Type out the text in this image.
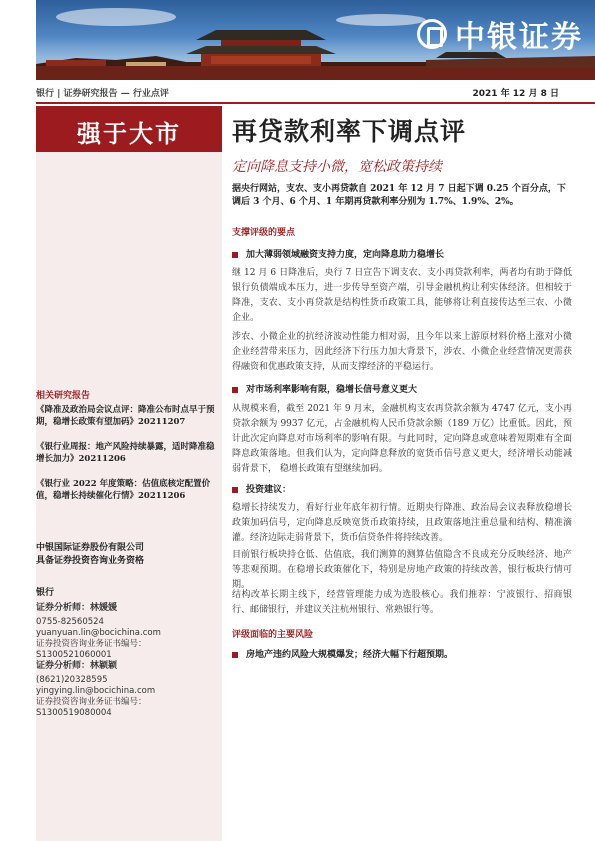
中银证券
银行 | 证券研究报告 — 行业点评	2021 年 12 月 8 日
强于大市
相关研究报告
《降准及政治局会议点评：降准公布时点早于预期，稳增长政策有望加码》20211207
《银行业周报：地产风险持续暴露，适时降准稳增长加力》20211206
《银行业 2022 年度策略：估值底核定配置价值，稳增长持续催化行情》20211206
中银国际证券股份有限公司
具备证券投资咨询业务资格
银行
证券分析师：林媛媛
0755-82560524
yuanyuan.lin@bocichina.com
证券投资咨询业务证书编号：S1300521060001
证券分析师：林颖颖
(8621)20328595
yingying.lin@bocichina.com
证券投资咨询业务证书编号：S1300519080004
再贷款利率下调点评
定向降息支持小微，宽松政策持续
据央行网站，支农、支小再贷款自 2021 年 12 月 7 日起下调 0.25 个百分点，下调后 3 个月、6 个月、1 年期再贷款利率分别为 1.7%、1.9%、2%。
支撑评级的要点
加大薄弱领域融资支持力度，定向降息助力稳增长
继 12 月 6 日降准后，央行 7 日宣告下调支农、支小再贷款利率，两者均有助于降低银行负债端成本压力，进一步传导至资产端，引导金融机构让利实体经济。但相较于降准，支农、支小再贷款是结构性货币政策工具，能够将让利直接传达至三农、小微企业。
涉农、小微企业的抗经济波动性能力相对弱，且今年以来上游原材料价格上涨对小微企业经营带来压力，因此经济下行压力加大背景下，涉农、小微企业经营情况更需获得融资和优惠政策支持，从而支撑经济的平稳运行。
对市场利率影响有限，稳增长信号意义更大
从规模来看，截至 2021 年 9 月末，金融机构支农再贷款余额为 4747 亿元，支小再贷款余额为 9937 亿元，占金融机构人民币贷款余额（189 万亿）比重低。因此，预计此次定向降息对市场利率的影响有限。与此同时，定向降息或意味着短期难有全面降息政策落地。但我们认为，定向降息释放的宽货币信号意义更大，经济增长动能减弱背景下， 稳增长政策有望继续加码。
投资建议：
稳增长持续发力，看好行业年底年初行情。近期央行降准、政治局会议表释放稳增长政策加码信号，定向降息反映宽货币政策持续，且政策落地注重总量和结构、精准滴灌。经济边际走弱背景下，货币信贷条件将持续改善。
目前银行板块持仓低、估值底，我们测算的测算估值隐含不良成充分反映经济、地产等悲观预期。在稳增长政策催化下，特别是房地产政策的持续改善，银行板块行情可期。
结构改革长期主线下，经营管理能力成为选股核心。我们推荐：宁波银行、招商银行、邮储银行，并建议关注杭州银行、常熟银行等。
评级面临的主要风险
房地产违约风险大规模爆发；经济大幅下行超预期。
